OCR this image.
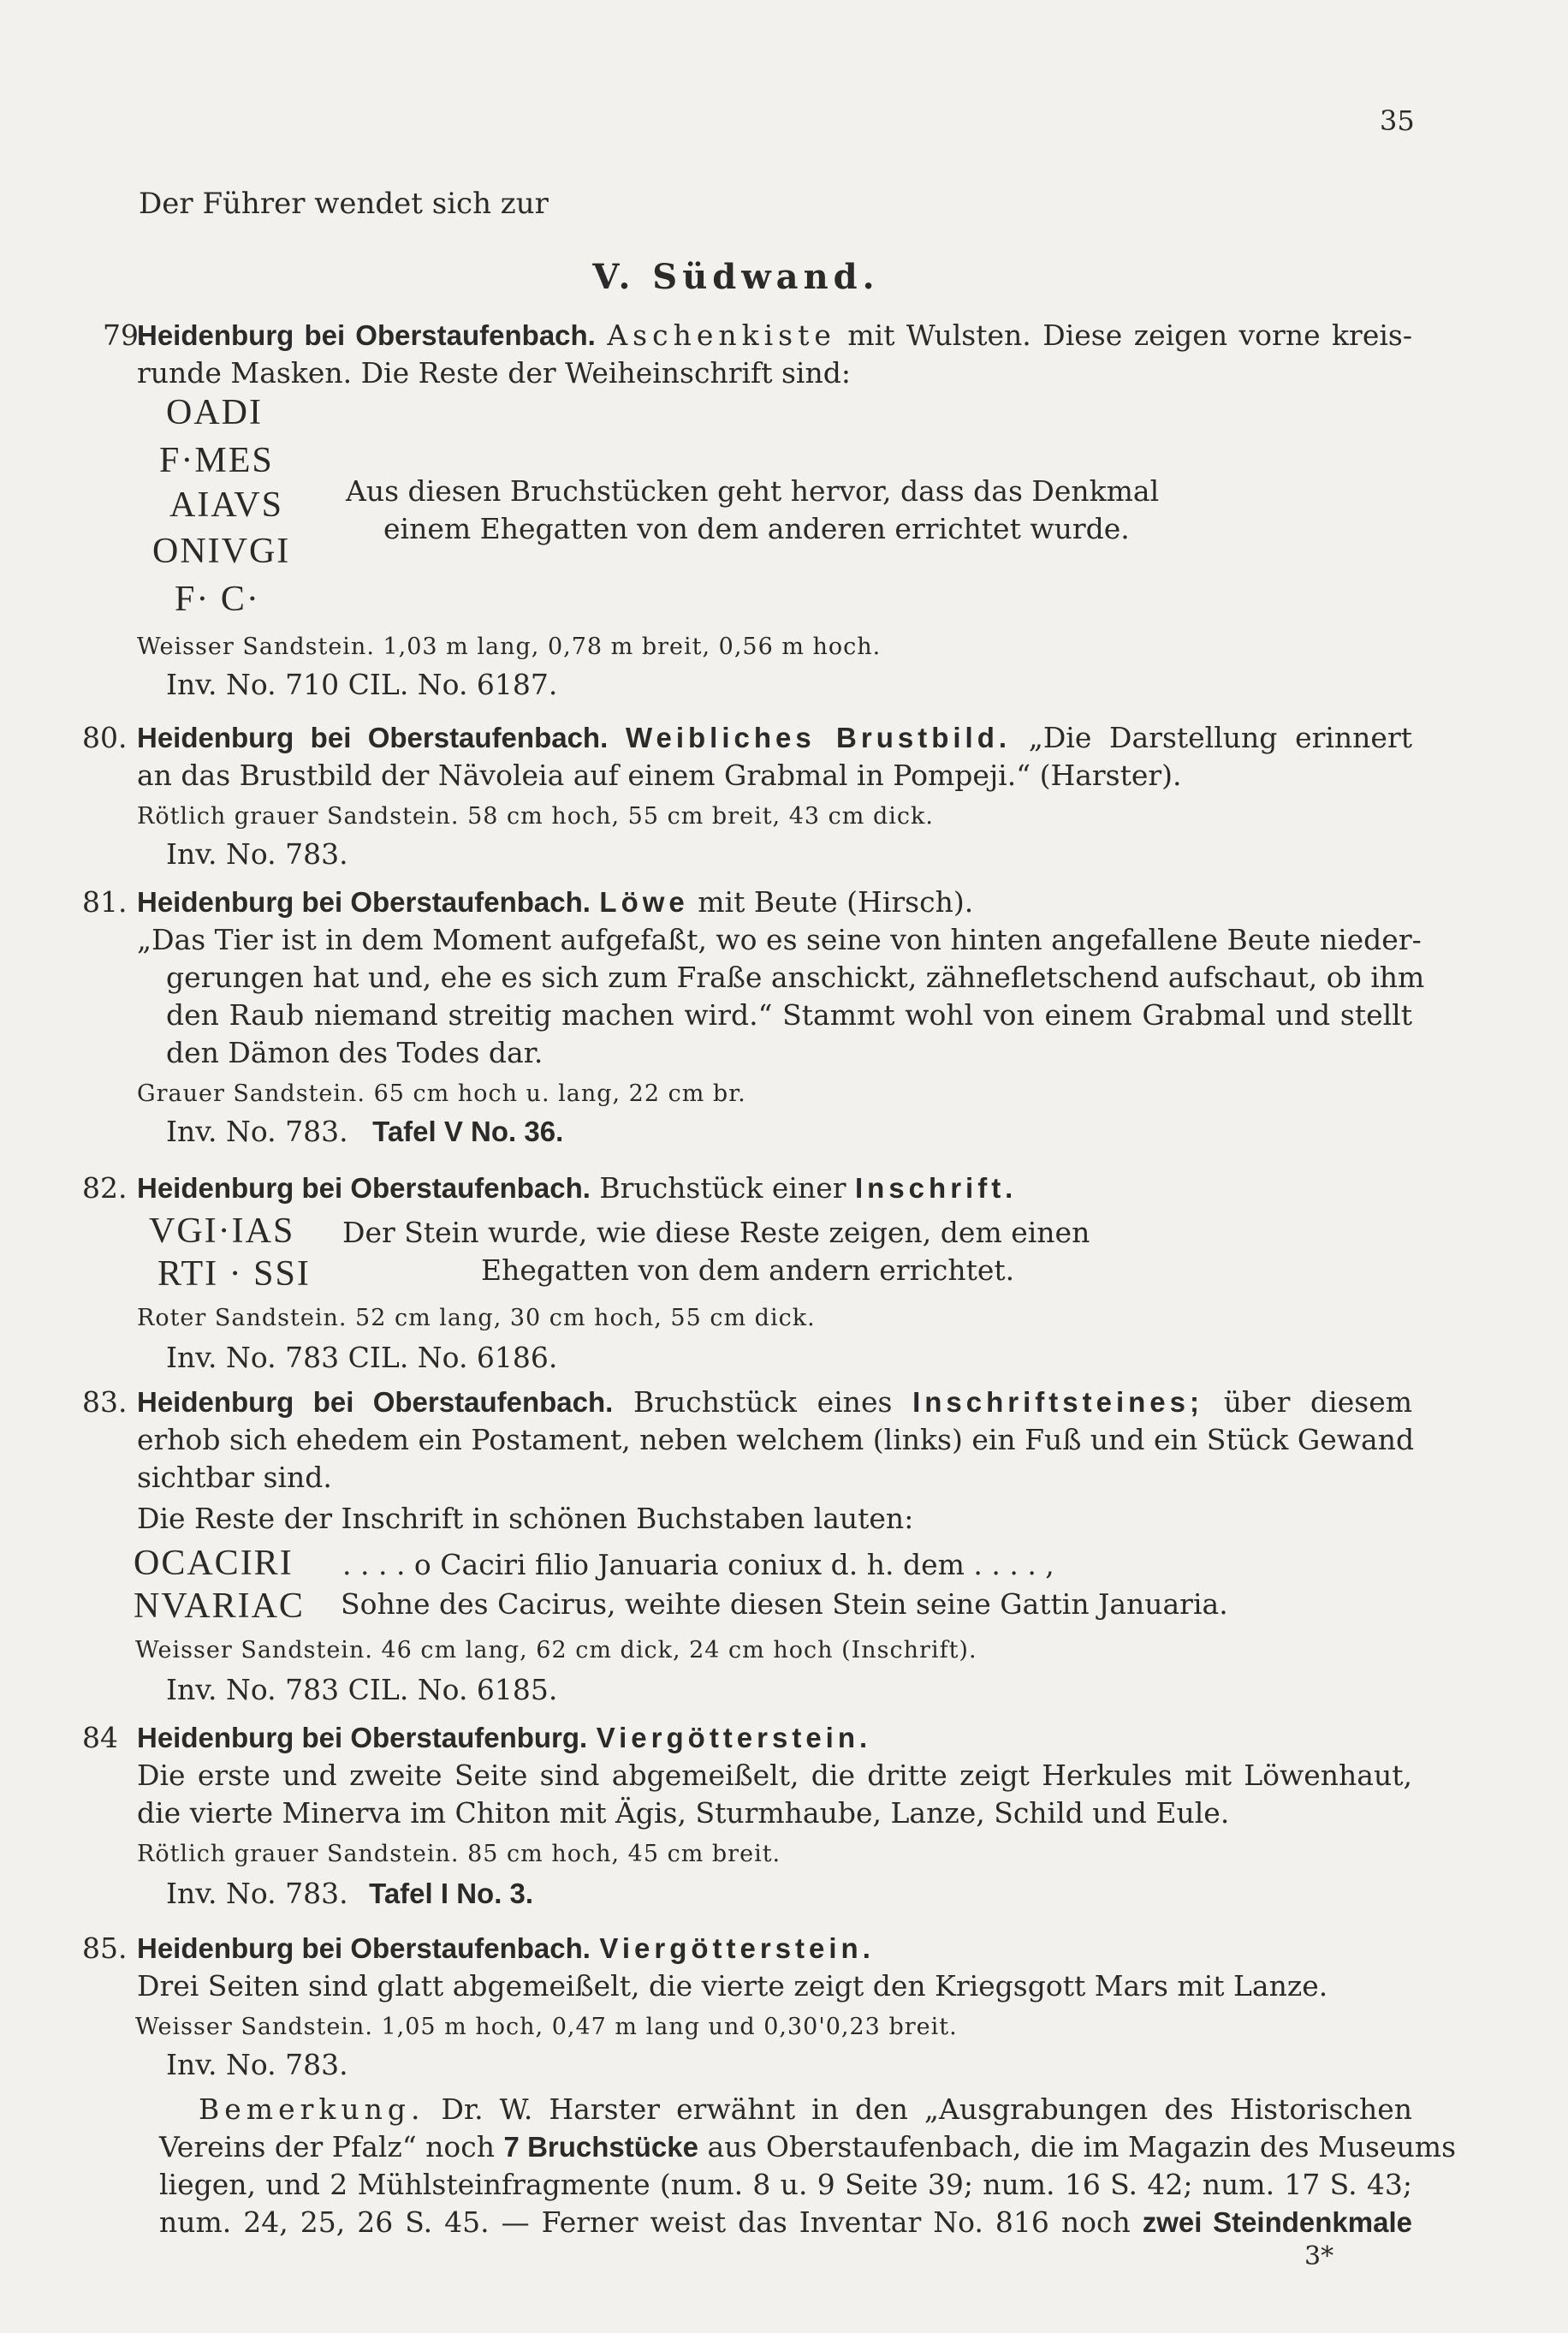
35
Der Führer wendet sich zur
V. Südwand.
79.
Heidenburg bei Oberstaufenbach. Aschenkiste mit Wulsten. Diese zeigen vorne kreis-
runde Masken. Die Reste der Weiheinschrift sind:
OADI
F·MES
AIAVS
ONIVGI
F· C·
Aus diesen Bruchstücken geht hervor, dass das Denkmal
einem Ehegatten von dem anderen errichtet wurde.
Weisser Sandstein. 1,03 m lang, 0,78 m breit, 0,56 m hoch.
Inv. No. 710 CIL. No. 6187.
80. Heidenburg bei Oberstaufenbach. Weibliches Brustbild. „Die Darstellung erinnert
an das Brustbild der Nävoleia auf einem Grabmal in Pompeji.“ (Harster).
Rötlich grauer Sandstein. 58 cm hoch, 55 cm breit, 43 cm dick.
Inv. No. 783.
81. Heidenburg bei Oberstaufenbach. Löwe mit Beute (Hirsch).
„Das Tier ist in dem Moment aufgefaßt, wo es seine von hinten angefallene Beute nieder-
gerungen hat und, ehe es sich zum Fraße anschickt, zähnefletschend aufschaut, ob ihm
den Raub niemand streitig machen wird.“ Stammt wohl von einem Grabmal und stellt
den Dämon des Todes dar.
Grauer Sandstein. 65 cm hoch u. lang, 22 cm br.
Inv. No. 783. Tafel V No. 36.
82. Heidenburg bei Oberstaufenbach. Bruchstück einer Inschrift.
VGI·IAS
RTI · SSI
Der Stein wurde, wie diese Reste zeigen, dem einen
Ehegatten von dem andern errichtet.
Roter Sandstein. 52 cm lang, 30 cm hoch, 55 cm dick.
Inv. No. 783 CIL. No. 6186.
83. Heidenburg bei Oberstaufenbach. Bruchstück eines Inschriftsteines; über diesem
erhob sich ehedem ein Postament, neben welchem (links) ein Fuß und ein Stück Gewand
sichtbar sind.
Die Reste der Inschrift in schönen Buchstaben lauten:
OCACIRI
NVARIAC
. . . . o Caciri filio Januaria coniux d. h. dem . . . . ,
Sohne des Cacirus, weihte diesen Stein seine Gattin Januaria.
Weisser Sandstein. 46 cm lang, 62 cm dick, 24 cm hoch (Inschrift).
Inv. No. 783 CIL. No. 6185.
84 Heidenburg bei Oberstaufenburg. Viergötterstein.
Die erste und zweite Seite sind abgemeißelt, die dritte zeigt Herkules mit Löwenhaut,
die vierte Minerva im Chiton mit Ägis, Sturmhaube, Lanze, Schild und Eule.
Rötlich grauer Sandstein. 85 cm hoch, 45 cm breit.
Inv. No. 783. Tafel I No. 3.
85. Heidenburg bei Oberstaufenbach. Viergötterstein.
Drei Seiten sind glatt abgemeißelt, die vierte zeigt den Kriegsgott Mars mit Lanze.
Weisser Sandstein. 1,05 m hoch, 0,47 m lang und 0,30'0,23 breit.
Inv. No. 783.
Bemerkung. Dr. W. Harster erwähnt in den „Ausgrabungen des Historischen
Vereins der Pfalz“ noch 7 Bruchstücke aus Oberstaufenbach, die im Magazin des Museums
liegen, und 2 Mühlsteinfragmente (num. 8 u. 9 Seite 39; num. 16 S. 42; num. 17 S. 43;
num. 24, 25, 26 S. 45. — Ferner weist das Inventar No. 816 noch zwei Steindenkmale
3*
